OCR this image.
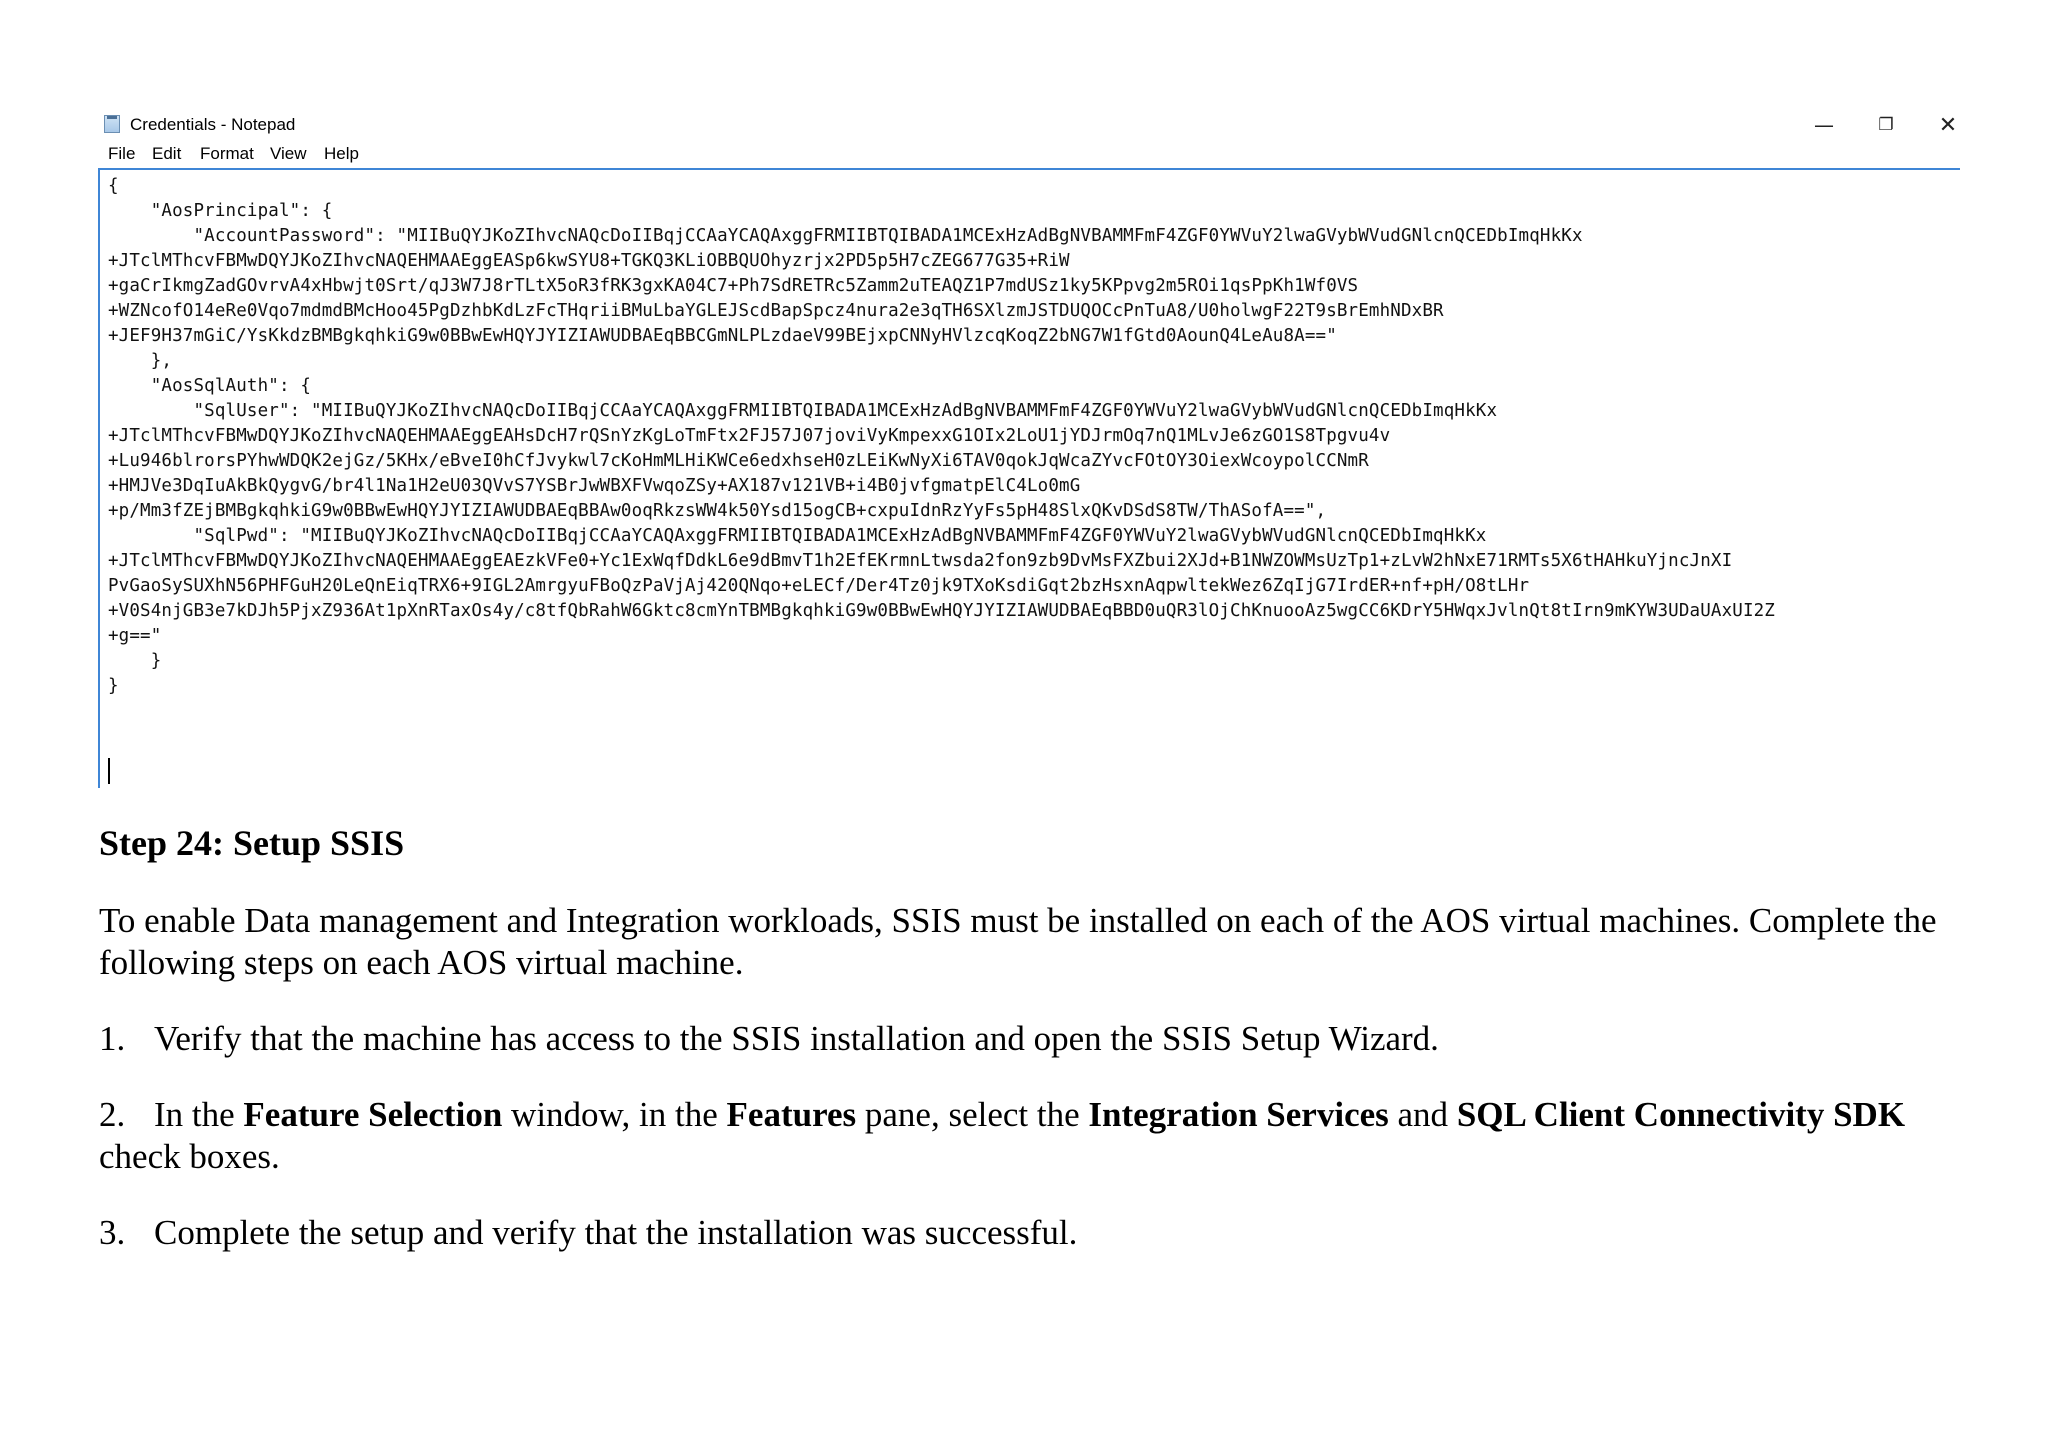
Credentials - Notepad	—	❐	✕
File Edit Format View Help
{
"AosPrincipal": {
"AccountPassword": "MIIBuQYJKoZIhvcNAQcDoIIBqjCCAaYCAQAxggFRMIIBTQIBADA1MCExHzAdBgNVBAMMFmF4ZGF0YWVuY2lwaGVybWVudGNlcnQCEDbImqHkKx
+JTclMThcvFBMwDQYJKoZIhvcNAQEHMAAEggEASp6kwSYU8+TGKQ3KLiOBBQUOhyzrjx2PD5p5H7cZEG677G35+RiW
+gaCrIkmgZadGOvrvA4xHbwjt0Srt/qJ3W7J8rTLtX5oR3fRK3gxKA04C7+Ph7SdRETRc5Zamm2uTEAQZ1P7mdUSz1ky5KPpvg2m5ROi1qsPpKh1Wf0VS
+WZNcofO14eRe0Vqo7mdmdBMcHoo45PgDzhbKdLzFcTHqriiBMuLbaYGLEJScdBapSpcz4nura2e3qTH6SXlzmJSTDUQOCcPnTuA8/U0holwgF22T9sBrEmhNDxBR
+JEF9H37mGiC/YsKkdzBMBgkqhkiG9w0BBwEwHQYJYIZIAWUDBAEqBBCGmNLPLzdaeV99BEjxpCNNyHVlzcqKoqZ2bNG7W1fGtd0AounQ4LeAu8A=="
},
"AosSqlAuth": {
"SqlUser": "MIIBuQYJKoZIhvcNAQcDoIIBqjCCAaYCAQAxggFRMIIBTQIBADA1MCExHzAdBgNVBAMMFmF4ZGF0YWVuY2lwaGVybWVudGNlcnQCEDbImqHkKx
+JTclMThcvFBMwDQYJKoZIhvcNAQEHMAAEggEAHsDcH7rQSnYzKgLoTmFtx2FJ57J07joviVyKmpexxG1OIx2LoU1jYDJrmOq7nQ1MLvJe6zGO1S8Tpgvu4v
+Lu946blrorsPYhwWDQK2ejGz/5KHx/eBveI0hCfJvykwl7cKoHmMLHiKWCe6edxhseH0zLEiKwNyXi6TAV0qokJqWcaZYvcFOtOY3OiexWcoypolCCNmR
+HMJVe3DqIuAkBkQygvG/br4l1Na1H2eU03QVvS7YSBrJwWBXFVwqoZSy+AX187v121VB+i4B0jvfgmatpElC4Lo0mG
+p/Mm3fZEjBMBgkqhkiG9w0BBwEwHQYJYIZIAWUDBAEqBBAw0oqRkzsWW4k50Ysd15ogCB+cxpuIdnRzYyFs5pH48SlxQKvDSdS8TW/ThASofA==",
"SqlPwd": "MIIBuQYJKoZIhvcNAQcDoIIBqjCCAaYCAQAxggFRMIIBTQIBADA1MCExHzAdBgNVBAMMFmF4ZGF0YWVuY2lwaGVybWVudGNlcnQCEDbImqHkKx
+JTclMThcvFBMwDQYJKoZIhvcNAQEHMAAEggEAEzkVFe0+Yc1ExWqfDdkL6e9dBmvT1h2EfEKrmnLtwsda2fon9zb9DvMsFXZbui2XJd+B1NWZOWMsUzTp1+zLvW2hNxE71RMTs5X6tHAHkuYjncJnXI
PvGaoSySUXhN56PHFGuH20LeQnEiqTRX6+9IGL2AmrgyuFBoQzPaVjAj420QNqo+eLECf/Der4Tz0jk9TXoKsdiGqt2bzHsxnAqpwltekWez6ZqIjG7IrdER+nf+pH/O8tLHr
+V0S4njGB3e7kDJh5PjxZ936At1pXnRTaxOs4y/c8tfQbRahW6Gktc8cmYnTBMBgkqhkiG9w0BBwEwHQYJYIZIAWUDBAEqBBD0uQR3lOjChKnuooAz5wgCC6KDrY5HWqxJvlnQt8tIrn9mKYW3UDaUAxUI2Z
+g=="
}
}
Step 24: Setup SSIS

To enable Data management and Integration workloads, SSIS must be installed on each of the AOS virtual machines. Complete the following steps on each AOS virtual machine.

1. Verify that the machine has access to the SSIS installation and open the SSIS Setup Wizard.

2. In the Feature Selection window, in the Features pane, select the Integration Services and SQL Client Connectivity SDK check boxes.

3. Complete the setup and verify that the installation was successful.
